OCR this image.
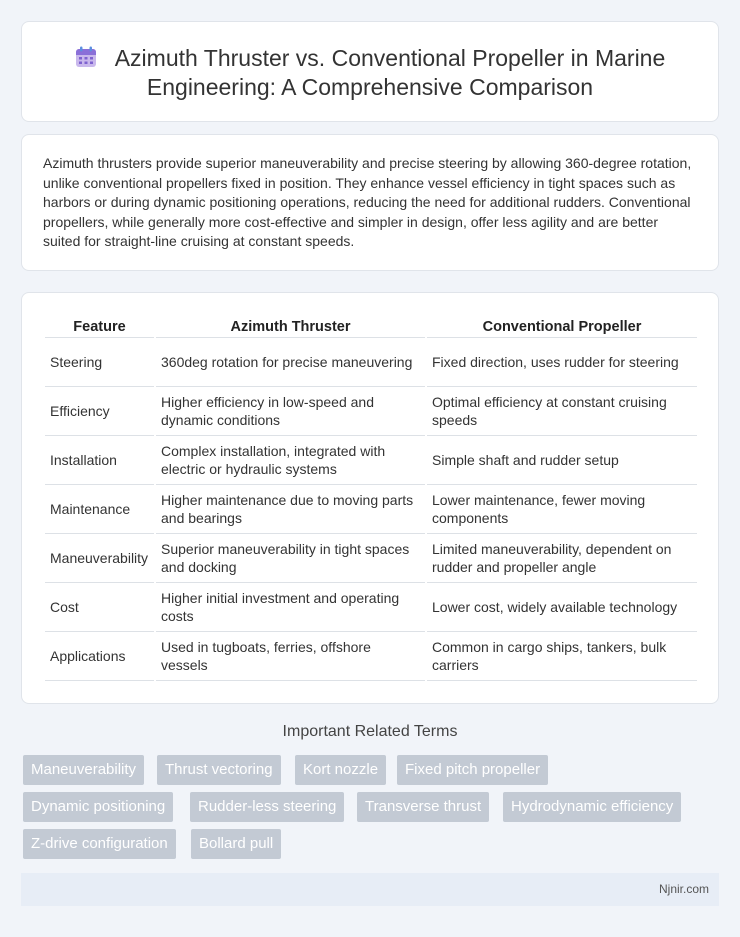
Azimuth Thruster vs. Conventional Propeller in Marine Engineering: A Comprehensive Comparison

Azimuth thrusters provide superior maneuverability and precise steering by allowing 360-degree rotation, unlike conventional propellers fixed in position. They enhance vessel efficiency in tight spaces such as harbors or during dynamic positioning operations, reducing the need for additional rudders. Conventional propellers, while generally more cost-effective and simpler in design, offer less agility and are better suited for straight-line cruising at constant speeds.

Feature	Azimuth Thruster	Conventional Propeller
Steering	360deg rotation for precise maneuvering	Fixed direction, uses rudder for steering
Efficiency	Higher efficiency in low-speed and dynamic conditions	Optimal efficiency at constant cruising speeds
Installation	Complex installation, integrated with electric or hydraulic systems	Simple shaft and rudder setup
Maintenance	Higher maintenance due to moving parts and bearings	Lower maintenance, fewer moving components
Maneuverability	Superior maneuverability in tight spaces and docking	Limited maneuverability, dependent on rudder and propeller angle
Cost	Higher initial investment and operating costs	Lower cost, widely available technology
Applications	Used in tugboats, ferries, offshore vessels	Common in cargo ships, tankers, bulk carriers
Important Related Terms
Maneuverability	Thrust vectoring	Kort nozzle	Fixed pitch propeller
Dynamic positioning	Rudder-less steering	Transverse thrust	Hydrodynamic efficiency
Z-drive configuration	Bollard pull
Njnir.com
